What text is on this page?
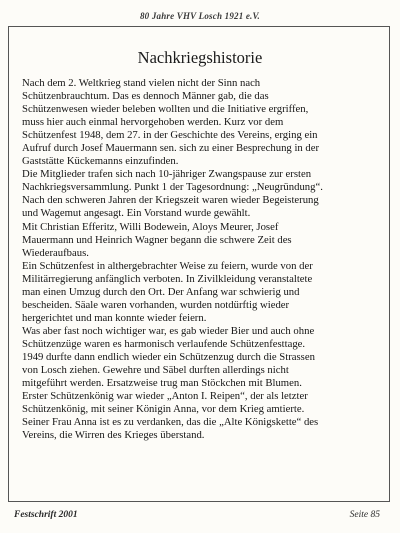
80 Jahre VHV Losch 1921 e.V.
Nachkriegshistorie
Nach dem 2. Weltkrieg stand vielen nicht der Sinn nach
Schützenbrauchtum. Das es dennoch Männer gab, die das
Schützenwesen wieder beleben wollten und die Initiative ergriffen,
muss hier auch einmal hervorgehoben werden. Kurz vor dem
Schützenfest 1948, dem 27. in der Geschichte des Vereins, erging ein
Aufruf durch Josef Mauermann sen. sich zu einer Besprechung in der
Gaststätte Kückemanns einzufinden.
Die Mitglieder trafen sich nach 10-jähriger Zwangspause zur ersten
Nachkriegsversammlung. Punkt 1 der Tagesordnung: „Neugründung“.
Nach den schweren Jahren der Kriegszeit waren wieder Begeisterung
und Wagemut angesagt. Ein Vorstand wurde gewählt.
Mit Christian Efferitz, Willi Bodewein, Aloys Meurer, Josef
Mauermann und Heinrich Wagner begann die schwere Zeit des
Wiederaufbaus.
Ein Schützenfest in althergebrachter Weise zu feiern, wurde von der
Militärregierung anfänglich verboten. In Zivilkleidung veranstaltete
man einen Umzug durch den Ort. Der Anfang war schwierig und
bescheiden. Säale waren vorhanden, wurden notdürftig wieder
hergerichtet und man konnte wieder feiern.
Was aber fast noch wichtiger war, es gab wieder Bier und auch ohne
Schützenzüge waren es harmonisch verlaufende Schützenfesttage.
1949 durfte dann endlich wieder ein Schützenzug durch die Strassen
von Losch ziehen. Gewehre und Säbel durften allerdings nicht
mitgeführt werden. Ersatzweise trug man Stöckchen mit Blumen.
Erster Schützenkönig war wieder „Anton I. Reipen“, der als letzter
Schützenkönig, mit seiner Königin Anna, vor dem Krieg amtierte.
Seiner Frau Anna ist es zu verdanken, das die „Alte Königskette“ des
Vereins, die Wirren des Krieges überstand.
Festschrift 2001	Seite 85
